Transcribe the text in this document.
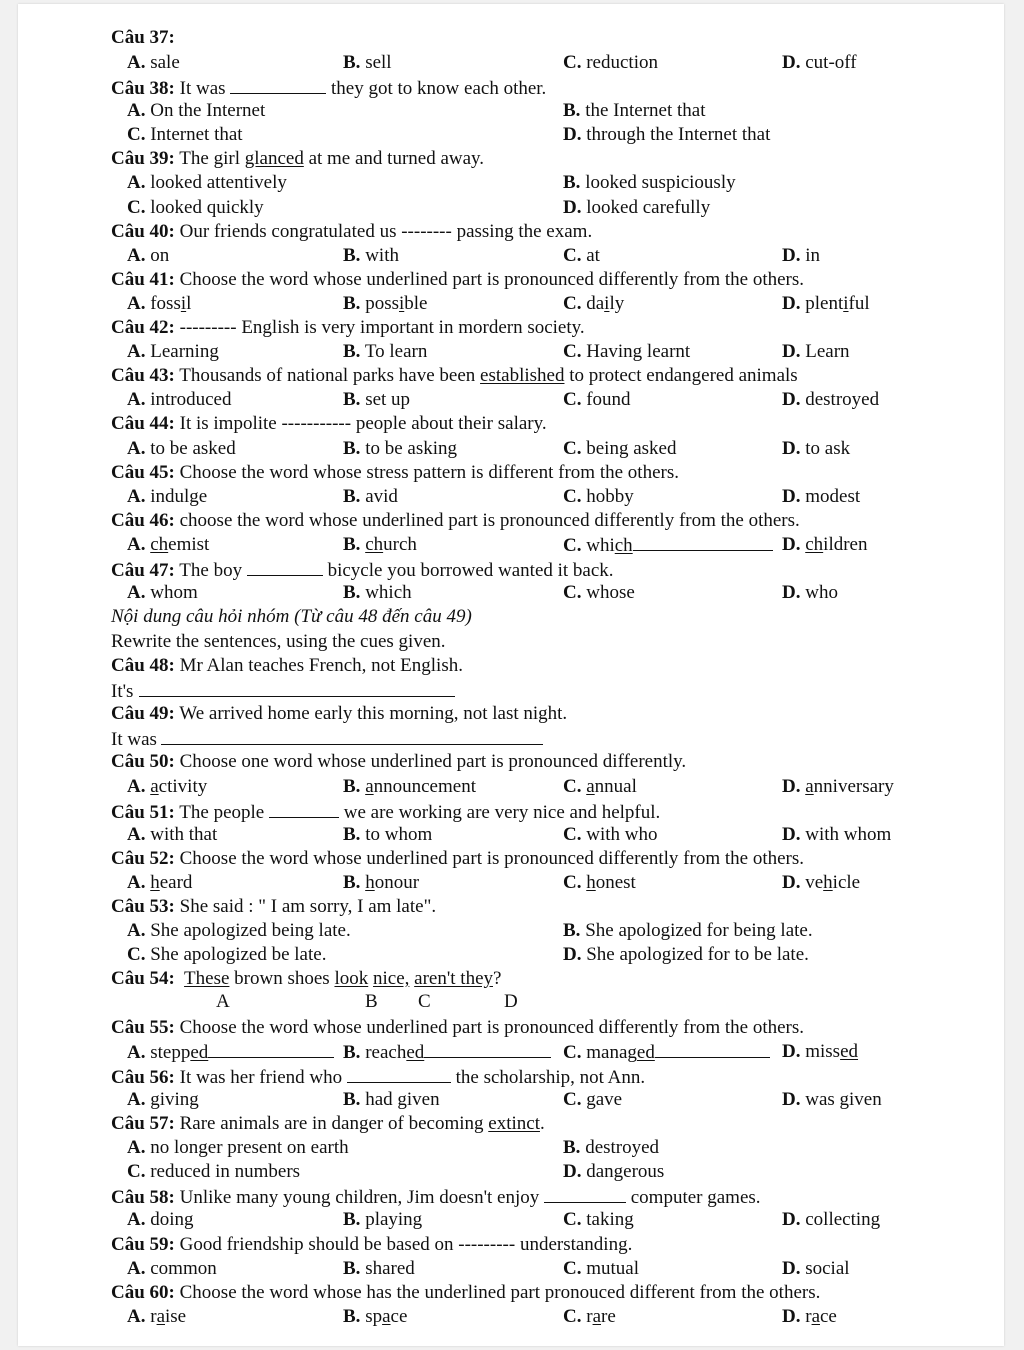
Câu 37:
A. sale	B. sell	C. reduction	D. cut-off
Câu 38: It was	they got to know each other.
A. On the Internet	B. the Internet that
C. Internet that	D. through the Internet that
Câu 39: The girl glanced at me and turned away.
A. looked attentively	B. looked suspiciously
C. looked quickly	D. looked carefully
Câu 40: Our friends congratulated us -------- passing the exam.
A. on	B. with	C. at	D. in
Câu 41: Choose the word whose underlined part is pronounced differently from the others.
A. fossil	B. possible	C. daily	D. plentiful
Câu 42: --------- English is very important in mordern society.
A. Learning	B. To learn	C. Having learnt	D. Learn
Câu 43: Thousands of national parks have been established to protect endangered animals
A. introduced	B. set up	C. found	D. destroyed
Câu 44: It is impolite ----------- people about their salary.
A. to be asked	B. to be asking	C. being asked	D. to ask
Câu 45: Choose the word whose stress pattern is different from the others.
A. indulge	B. avid	C. hobby	D. modest
Câu 46: choose the word whose underlined part is pronounced differently from the others.
A. chemist	B. church	C. which	D. children
Câu 47: The boy	bicycle you borrowed wanted it back.
A. whom	B. which	C. whose	D. who
Nội dung câu hỏi nhóm (Từ câu 48 đến câu 49)
Rewrite the sentences, using the cues given.
Câu 48: Mr Alan teaches French, not English.
It's
Câu 49: We arrived home early this morning, not last night.
It was
Câu 50: Choose one word whose underlined part is pronounced differently.
A. activity	B. announcement	C. annual	D. anniversary
Câu 51: The people	we are working are very nice and helpful.
A. with that	B. to whom	C. with who	D. with whom
Câu 52: Choose the word whose underlined part is pronounced differently from the others.
A. heard	B. honour	C. honest	D. vehicle
Câu 53: She said : " I am sorry, I am late".
A. She apologized being late.	B. She apologized for being late.
C. She apologized be late.	D. She apologized for to be late.
Câu 54: These brown shoes look nice, aren't they?
A	B C	D
Câu 55: Choose the word whose underlined part is pronounced differently from the others.
A. stepped	B. reached	C. managed	D. missed
Câu 56: It was her friend who	the scholarship, not Ann.
A. giving	B. had given	C. gave	D. was given
Câu 57: Rare animals are in danger of becoming extinct.
A. no longer present on earth	B. destroyed
C. reduced in numbers	D. dangerous
Câu 58: Unlike many young children, Jim doesn't enjoy	computer games.
A. doing	B. playing	C. taking	D. collecting
Câu 59: Good friendship should be based on --------- understanding.
A. common	B. shared	C. mutual	D. social
Câu 60: Choose the word whose has the underlined part pronouced different from the others.
A. raise	B. space	C. rare	D. race
